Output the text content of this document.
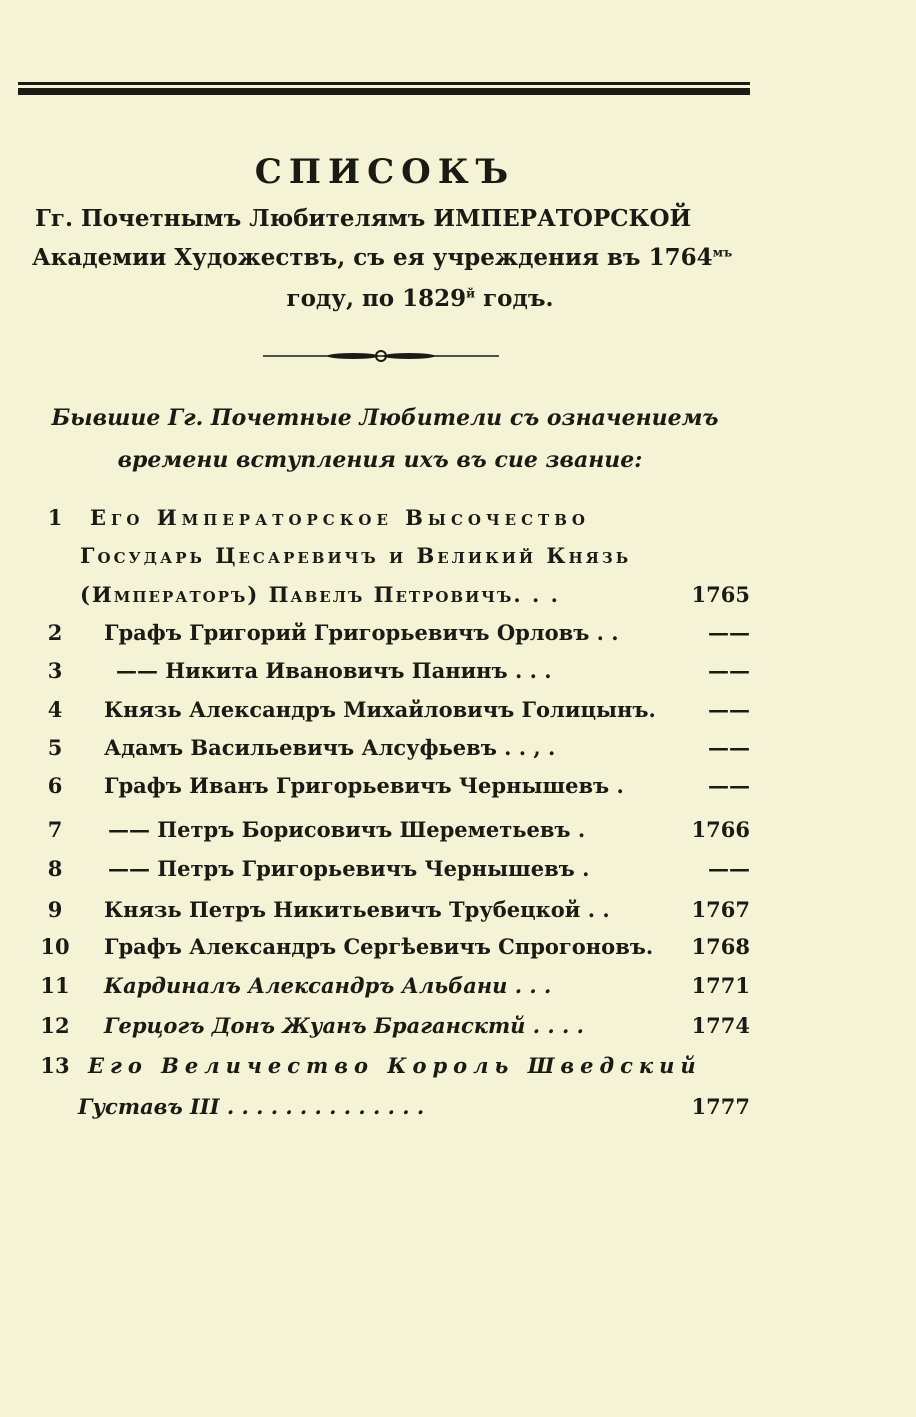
СПИСОКЪ
Гг. Почетнымъ Любителямъ ИМПЕРАТОРСКОЙ
Академии Художествъ, съ ея учреждения въ $1764^{мъ}$
году, по $1829^й$ годъ.
Бывшие Гг. Почетные Любители съ означениемъ
времени вступления ихъ въ сие звание:
1	Его Императорское Высочество
Государь Цесаревичъ и Великий Князь
(Императоръ) Павелъ Петровичъ. . .	1765
2	Графъ Григорий Григорьевичъ Орловъ . .	——
3	—— Никита Ивановичъ Панинъ . . .	——
4	Князь Александръ Михайловичъ Голицынъ. ——
5	Адамъ Васильевичъ Алсуфьевъ . . , .	——
6	Графъ Иванъ Григорьевичъ Чернышевъ .	——
7	—— Петръ Борисовичъ Шереметьевъ .	1766
8	—— Петръ Григорьевичъ Чернышевъ .	——
9	Князь Петръ Никитьевичъ Трубецкой . .	1767
10	Графъ Александръ Сергѣевичъ Спрогоновъ. 1768
11	Кардиналъ Александръ Альбани . . .	1771
12	Герцогъ Донъ Жуанъ Брагансктй . . . .	1774
13 Его Величество Король Шведский
Густавъ III . . . . . . . . . . . . . .	1777
